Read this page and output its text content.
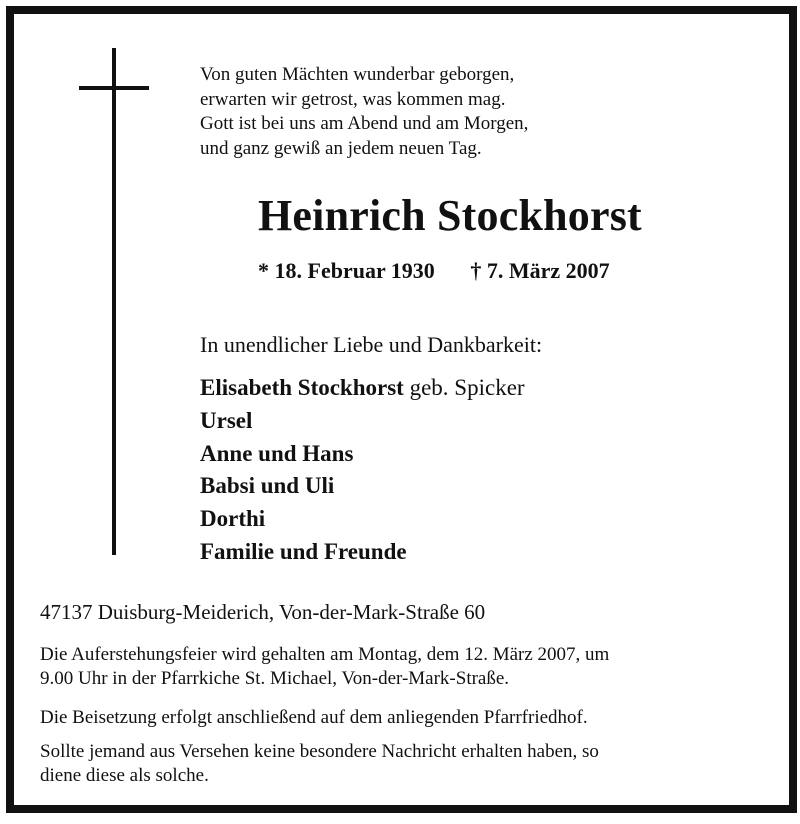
Von guten Mächten wunderbar geborgen,
erwarten wir getrost, was kommen mag.
Gott ist bei uns am Abend und am Morgen,
und ganz gewiß an jedem neuen Tag.
Heinrich Stockhorst
* 18. Februar 1930 † 7. März 2007
In unendlicher Liebe und Dankbarkeit:
Elisabeth Stockhorst geb. Spicker
Ursel
Anne und Hans
Babsi und Uli
Dorthi
Familie und Freunde
47137 Duisburg-Meiderich, Von-der-Mark-Straße 60
Die Auferstehungsfeier wird gehalten am Montag, dem 12. März 2007, um
9.00 Uhr in der Pfarrkiche St. Michael, Von-der-Mark-Straße.
Die Beisetzung erfolgt anschließend auf dem anliegenden Pfarrfriedhof.
Sollte jemand aus Versehen keine besondere Nachricht erhalten haben, so
diene diese als solche.
